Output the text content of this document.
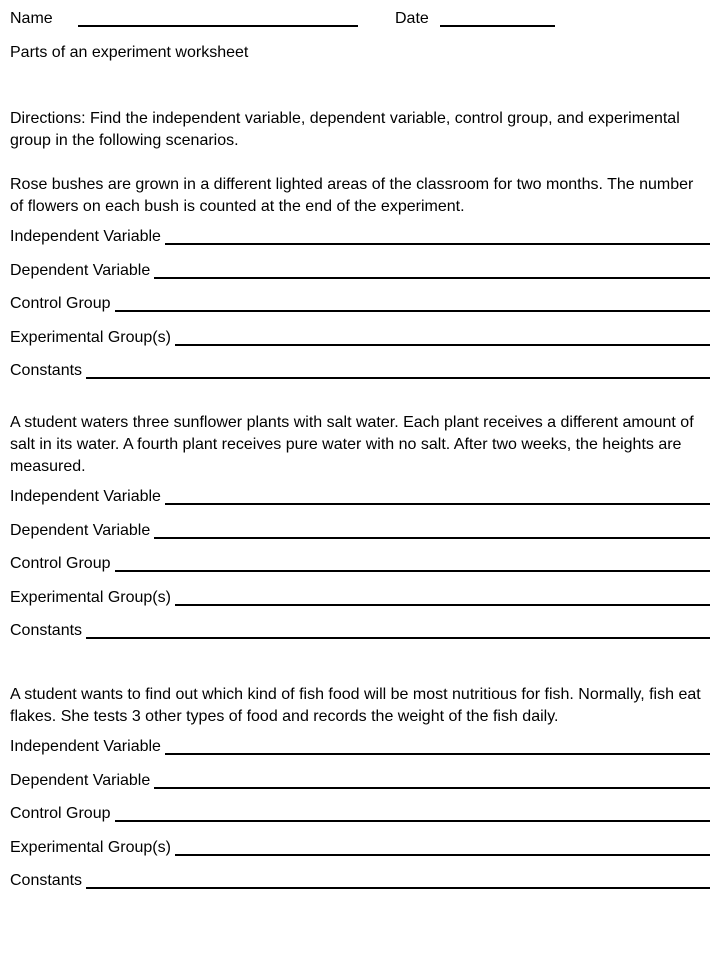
Name	Date
Parts of an experiment worksheet
Directions: Find the independent variable, dependent variable, control group, and experimental group in the following scenarios.
Rose bushes are grown in a different lighted areas of the classroom for two months. The number of flowers on each bush is counted at the end of the experiment.
Independent Variable
Dependent Variable
Control Group
Experimental Group(s)
Constants
A student waters three sunflower plants with salt water. Each plant receives a different amount of salt in its water. A fourth plant receives pure water with no salt. After two weeks, the heights are measured.
Independent Variable
Dependent Variable
Control Group
Experimental Group(s)
Constants
A student wants to find out which kind of fish food will be most nutritious for fish. Normally, fish eat flakes. She tests 3 other types of food and records the weight of the fish daily.
Independent Variable
Dependent Variable
Control Group
Experimental Group(s)
Constants
